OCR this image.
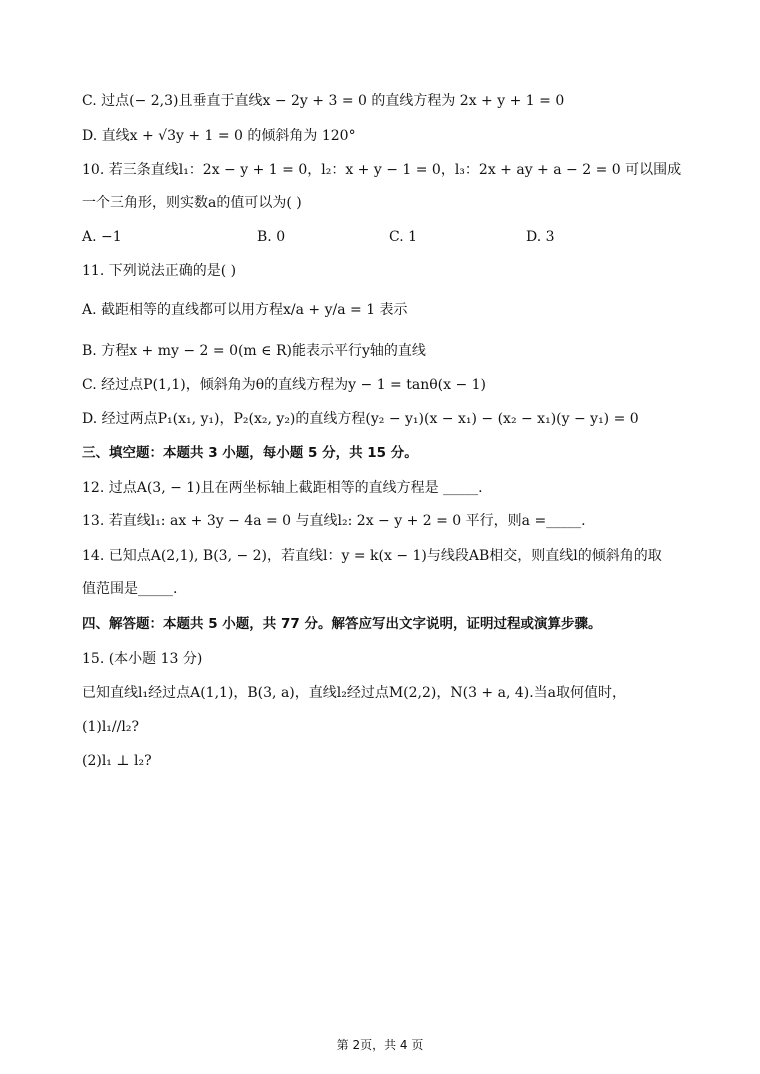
C. 过点(− 2,3)且垂直于直线x − 2y + 3 = 0 的直线方程为 2x + y + 1 = 0
D. 直线x + √3y + 1 = 0 的倾斜角为 120°
10. 若三条直线l₁：2x − y + 1 = 0，l₂：x + y − 1 = 0，l₃：2x + ay + a − 2 = 0 可以围成
一个三角形，则实数a的值可以为( )
A. −1	B. 0	C. 1	D. 3
11. 下列说法正确的是( )
A. 截距相等的直线都可以用方程x/a + y/a = 1 表示
B. 方程x + my − 2 = 0(m ∈ R)能表示平行y轴的直线
C. 经过点P(1,1)，倾斜角为θ的直线方程为y − 1 = tanθ(x − 1)
D. 经过两点P₁(x₁, y₁)，P₂(x₂, y₂)的直线方程(y₂ − y₁)(x − x₁) − (x₂ − x₁)(y − y₁) = 0
三、填空题：本题共 3 小题，每小题 5 分，共 15 分。
12. 过点A(3, − 1)且在两坐标轴上截距相等的直线方程是 _____.
13. 若直线l₁: ax + 3y − 4a = 0 与直线l₂: 2x − y + 2 = 0 平行，则a =_____.
14. 已知点A(2,1), B(3, − 2)，若直线l：y = k(x − 1)与线段AB相交，则直线l的倾斜角的取
值范围是_____.
四、解答题：本题共 5 小题，共 77 分。解答应写出文字说明，证明过程或演算步骤。
15. (本小题 13 分)
已知直线l₁经过点A(1,1)，B(3, a)，直线l₂经过点M(2,2)，N(3 + a, 4).当a取何值时，
(1)l₁//l₂?
(2)l₁ ⊥ l₂?
第 2页，共 4 页
